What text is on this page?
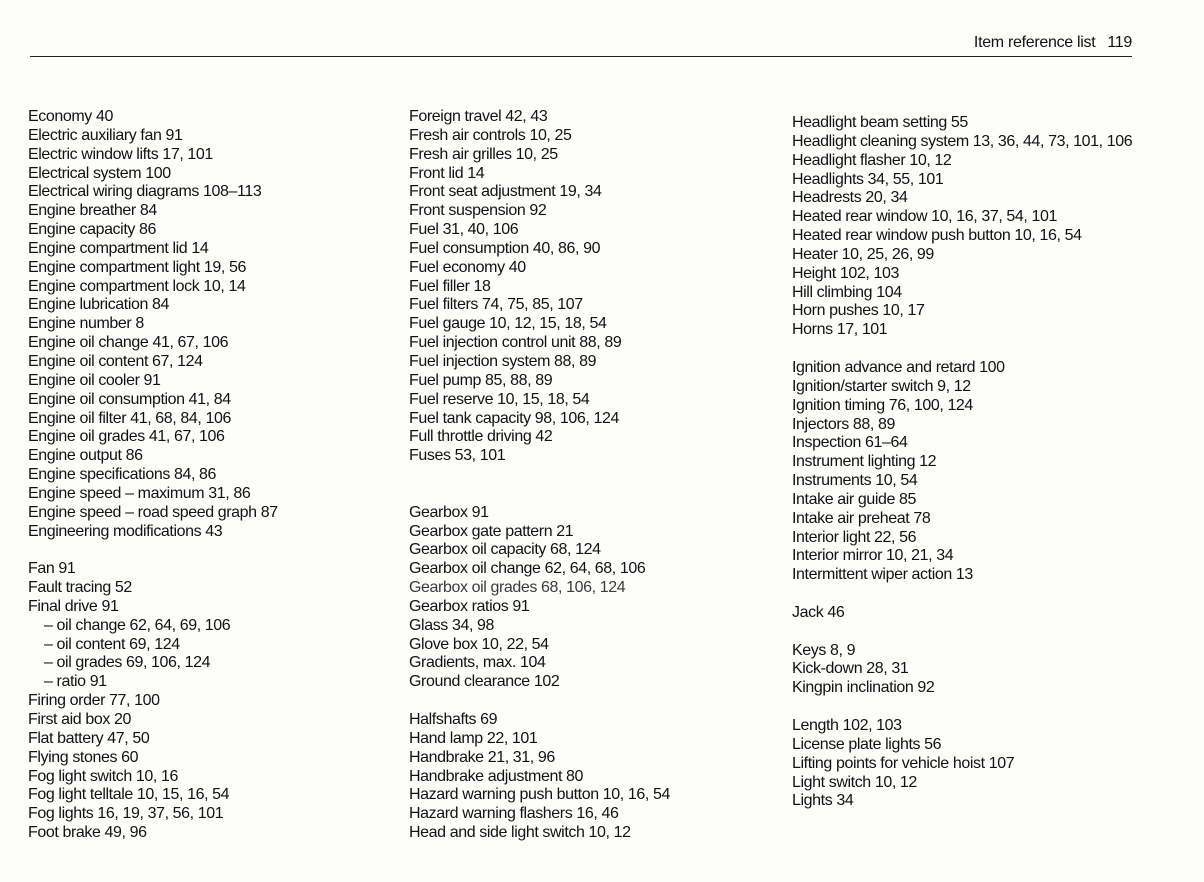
Item reference list 119
Economy 40
Electric auxiliary fan 91
Electric window lifts 17, 101
Electrical system 100
Electrical wiring diagrams 108–113
Engine breather 84
Engine capacity 86
Engine compartment lid 14
Engine compartment light 19, 56
Engine compartment lock 10, 14
Engine lubrication 84
Engine number 8
Engine oil change 41, 67, 106
Engine oil content 67, 124
Engine oil cooler 91
Engine oil consumption 41, 84
Engine oil filter 41, 68, 84, 106
Engine oil grades 41, 67, 106
Engine output 86
Engine specifications 84, 86
Engine speed – maximum 31, 86
Engine speed – road speed graph 87
Engineering modifications 43
Fan 91
Fault tracing 52
Final drive 91
– oil change 62, 64, 69, 106
– oil content 69, 124
– oil grades 69, 106, 124
– ratio 91
Firing order 77, 100
First aid box 20
Flat battery 47, 50
Flying stones 60
Fog light switch 10, 16
Fog light telltale 10, 15, 16, 54
Fog lights 16, 19, 37, 56, 101
Foot brake 49, 96
Foreign travel 42, 43
Fresh air controls 10, 25
Fresh air grilles 10, 25
Front lid 14
Front seat adjustment 19, 34
Front suspension 92
Fuel 31, 40, 106
Fuel consumption 40, 86, 90
Fuel economy 40
Fuel filler 18
Fuel filters 74, 75, 85, 107
Fuel gauge 10, 12, 15, 18, 54
Fuel injection control unit 88, 89
Fuel injection system 88, 89
Fuel pump 85, 88, 89
Fuel reserve 10, 15, 18, 54
Fuel tank capacity 98, 106, 124
Full throttle driving 42
Fuses 53, 101
Gearbox 91
Gearbox gate pattern 21
Gearbox oil capacity 68, 124
Gearbox oil change 62, 64, 68, 106
Gearbox oil grades 68, 106, 124
Gearbox ratios 91
Glass 34, 98
Glove box 10, 22, 54
Gradients, max. 104
Ground clearance 102
Halfshafts 69
Hand lamp 22, 101
Handbrake 21, 31, 96
Handbrake adjustment 80
Hazard warning push button 10, 16, 54
Hazard warning flashers 16, 46
Head and side light switch 10, 12
Headlight beam setting 55
Headlight cleaning system 13, 36, 44, 73, 101, 106
Headlight flasher 10, 12
Headlights 34, 55, 101
Headrests 20, 34
Heated rear window 10, 16, 37, 54, 101
Heated rear window push button 10, 16, 54
Heater 10, 25, 26, 99
Height 102, 103
Hill climbing 104
Horn pushes 10, 17
Horns 17, 101
Ignition advance and retard 100
Ignition/starter switch 9, 12
Ignition timing 76, 100, 124
Injectors 88, 89
Inspection 61–64
Instrument lighting 12
Instruments 10, 54
Intake air guide 85
Intake air preheat 78
Interior light 22, 56
Interior mirror 10, 21, 34
Intermittent wiper action 13
Jack 46
Keys 8, 9
Kick-down 28, 31
Kingpin inclination 92
Length 102, 103
License plate lights 56
Lifting points for vehicle hoist 107
Light switch 10, 12
Lights 34
